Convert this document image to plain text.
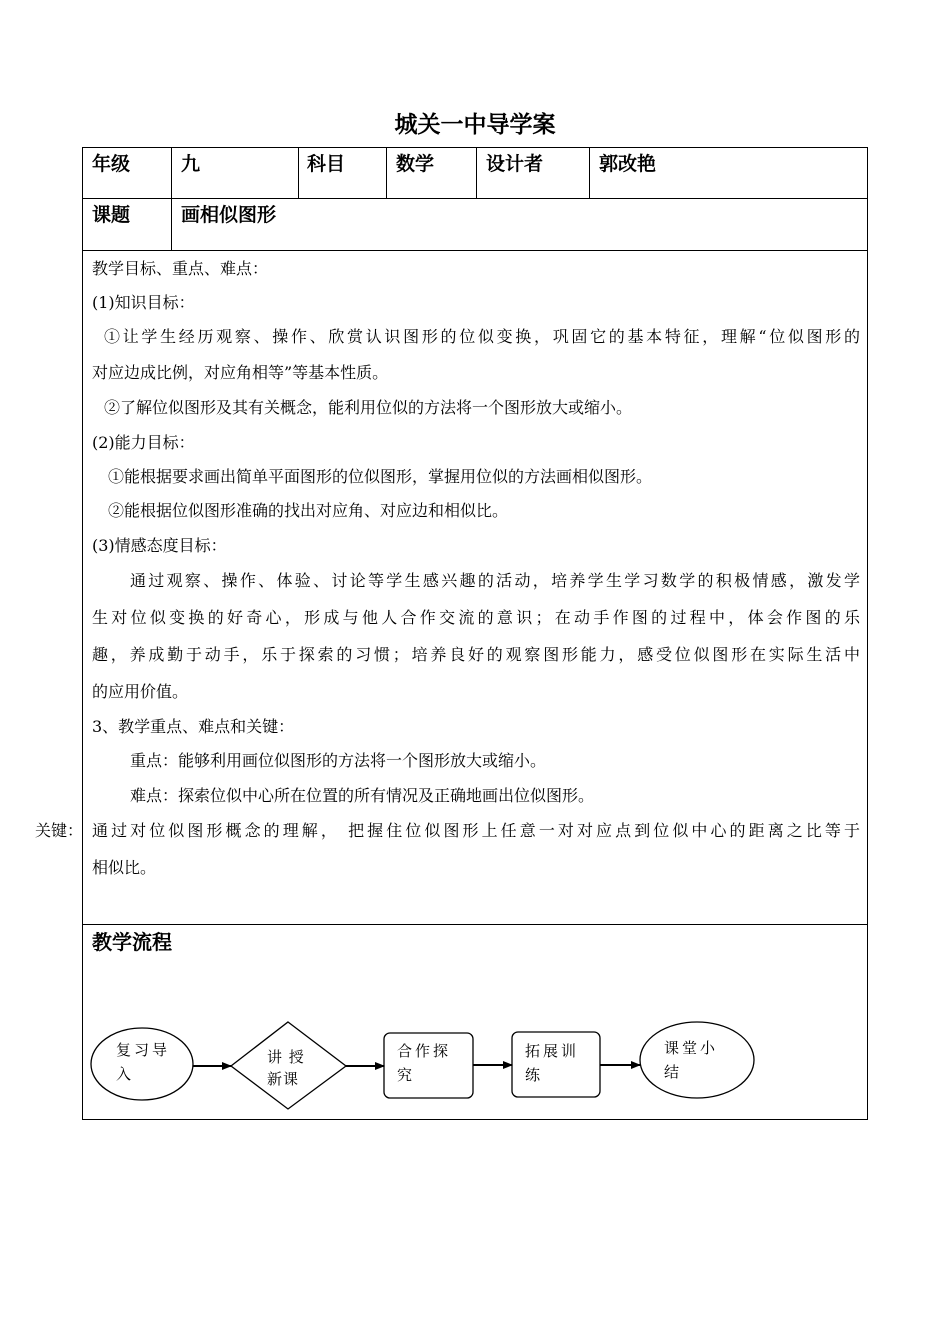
城关一中导学案
年级	九	科目	数学	设计者	郭改艳
课题	画相似图形
教学目标、重点、难点：
(1)知识目标：
①让学生经历观察、操作、欣赏认识图形的位似变换，巩固它的基本特征，理解“位似图形的
对应边成比例，对应角相等”等基本性质。
②了解位似图形及其有关概念，能利用位似的方法将一个图形放大或缩小。
(2)能力目标：
①能根据要求画出简单平面图形的位似图形，掌握用位似的方法画相似图形。
②能根据位似图形准确的找出对应角、对应边和相似比。
(3)情感态度目标：
通过观察、操作、体验、讨论等学生感兴趣的活动，培养学生学习数学的积极情感，激发学
生对位似变换的好奇心，形成与他人合作交流的意识；在动手作图的过程中，体会作图的乐
趣，养成勤于动手，乐于探索的习惯；培养良好的观察图形能力，感受位似图形在实际生活中
的应用价值。
3、教学重点、难点和关键：
重点：能够利用画位似图形的方法将一个图形放大或缩小。
难点：探索位似中心所在位置的所有情况及正确地画出位似图形。
关键： 通过对位似图形概念的理解， 把握住位似图形上任意一对对应点到位似中心的距离之比等于
相似比。
教学流程
复习导
入
讲 授
新课
合作探
究
拓展训
练
课堂小
结
